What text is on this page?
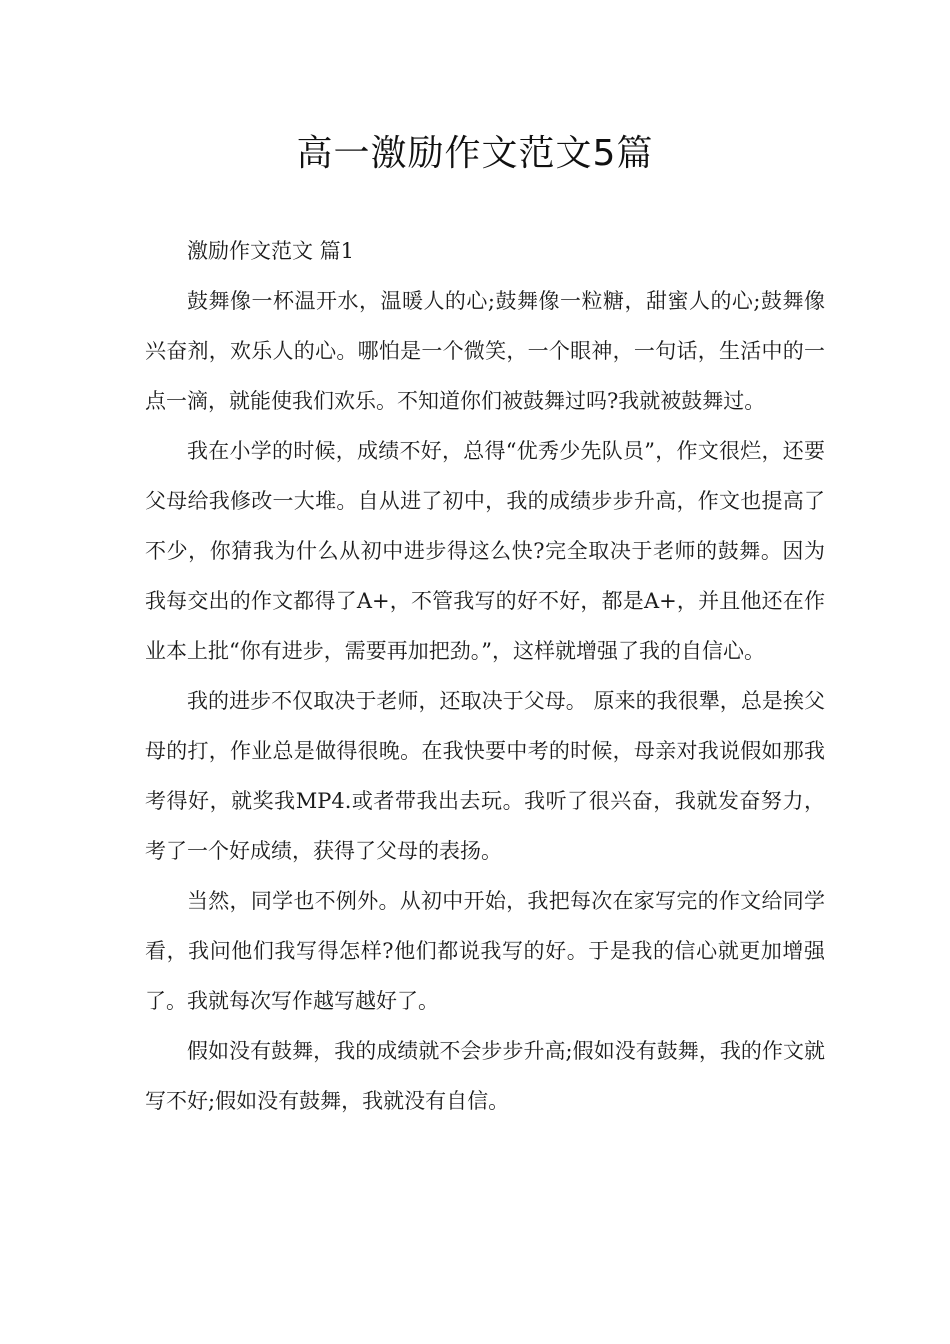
高一激励作文范文5篇

激励作文范文 篇1

鼓舞像一杯温开水，温暖人的心;鼓舞像一粒糖，甜蜜人的心;鼓舞像兴奋剂，欢乐人的心。哪怕是一个微笑，一个眼神，一句话，生活中的一点一滴，就能使我们欢乐。不知道你们被鼓舞过吗?我就被鼓舞过。

我在小学的时候，成绩不好，总得“优秀少先队员”，作文很烂，还要父母给我修改一大堆。自从进了初中，我的成绩步步升高，作文也提高了不少，你猜我为什么从初中进步得这么快?完全取决于老师的鼓舞。因为我每交出的作文都得了A+，不管我写的好不好，都是A+，并且他还在作业本上批“你有进步，需要再加把劲。”，这样就增强了我的自信心。

我的进步不仅取决于老师，还取决于父母。 原来的我很犟，总是挨父母的打，作业总是做得很晚。在我快要中考的时候，母亲对我说假如那我考得好，就奖我MP4.或者带我出去玩。我听了很兴奋，我就发奋努力，考了一个好成绩，获得了父母的表扬。

当然，同学也不例外。从初中开始，我把每次在家写完的作文给同学看，我问他们我写得怎样?他们都说我写的好。于是我的信心就更加增强了。我就每次写作越写越好了。

假如没有鼓舞，我的成绩就不会步步升高;假如没有鼓舞，我的作文就写不好;假如没有鼓舞，我就没有自信。
